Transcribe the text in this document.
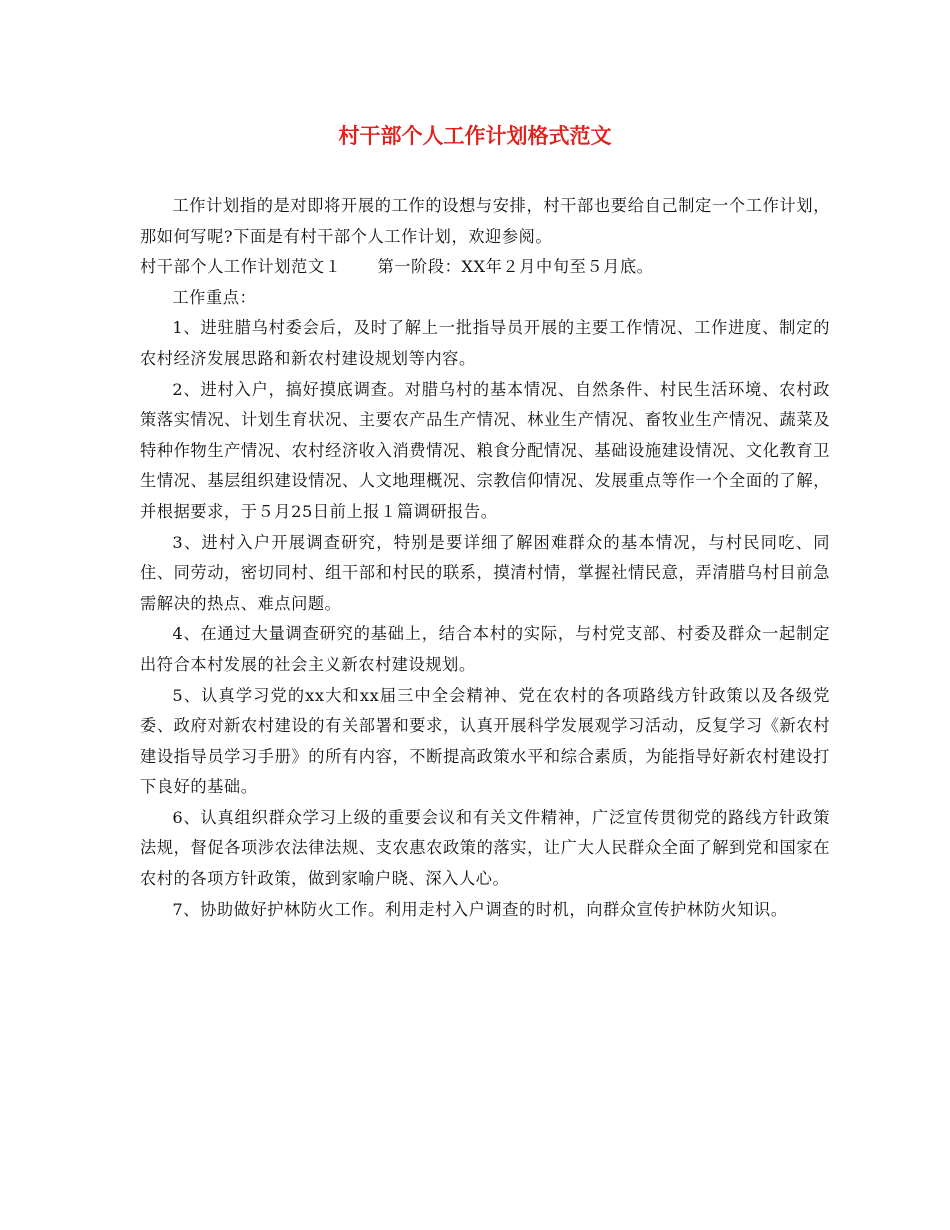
村干部个人工作计划格式范文

工作计划指的是对即将开展的工作的设想与安排，村干部也要给自己制定一个工作计划，那如何写呢?下面是有村干部个人工作计划，欢迎参阅。

村干部个人工作计划范文１ 第一阶段：XX年２月中旬至５月底。

工作重点：

1、进驻腊乌村委会后，及时了解上一批指导员开展的主要工作情况、工作进度、制定的农村经济发展思路和新农村建设规划等内容。

2、进村入户，搞好摸底调查。对腊乌村的基本情况、自然条件、村民生活环境、农村政策落实情况、计划生育状况、主要农产品生产情况、林业生产情况、畜牧业生产情况、蔬菜及特种作物生产情况、农村经济收入消费情况、粮食分配情况、基础设施建设情况、文化教育卫生情况、基层组织建设情况、人文地理概况、宗教信仰情况、发展重点等作一个全面的了解，并根据要求，于５月25日前上报１篇调研报告。

3、进村入户开展调查研究，特别是要详细了解困难群众的基本情况，与村民同吃、同住、同劳动，密切同村、组干部和村民的联系，摸清村情，掌握社情民意，弄清腊乌村目前急需解决的热点、难点问题。

4、在通过大量调查研究的基础上，结合本村的实际，与村党支部、村委及群众一起制定出符合本村发展的社会主义新农村建设规划。

5、认真学习党的xx大和xx届三中全会精神、党在农村的各项路线方针政策以及各级党委、政府对新农村建设的有关部署和要求，认真开展科学发展观学习活动，反复学习《新农村建设指导员学习手册》的所有内容，不断提高政策水平和综合素质，为能指导好新农村建设打下良好的基础。

6、认真组织群众学习上级的重要会议和有关文件精神，广泛宣传贯彻党的路线方针政策法规，督促各项涉农法律法规、支农惠农政策的落实，让广大人民群众全面了解到党和国家在农村的各项方针政策，做到家喻户晓、深入人心。

7、协助做好护林防火工作。利用走村入户调查的时机，向群众宣传护林防火知识。
